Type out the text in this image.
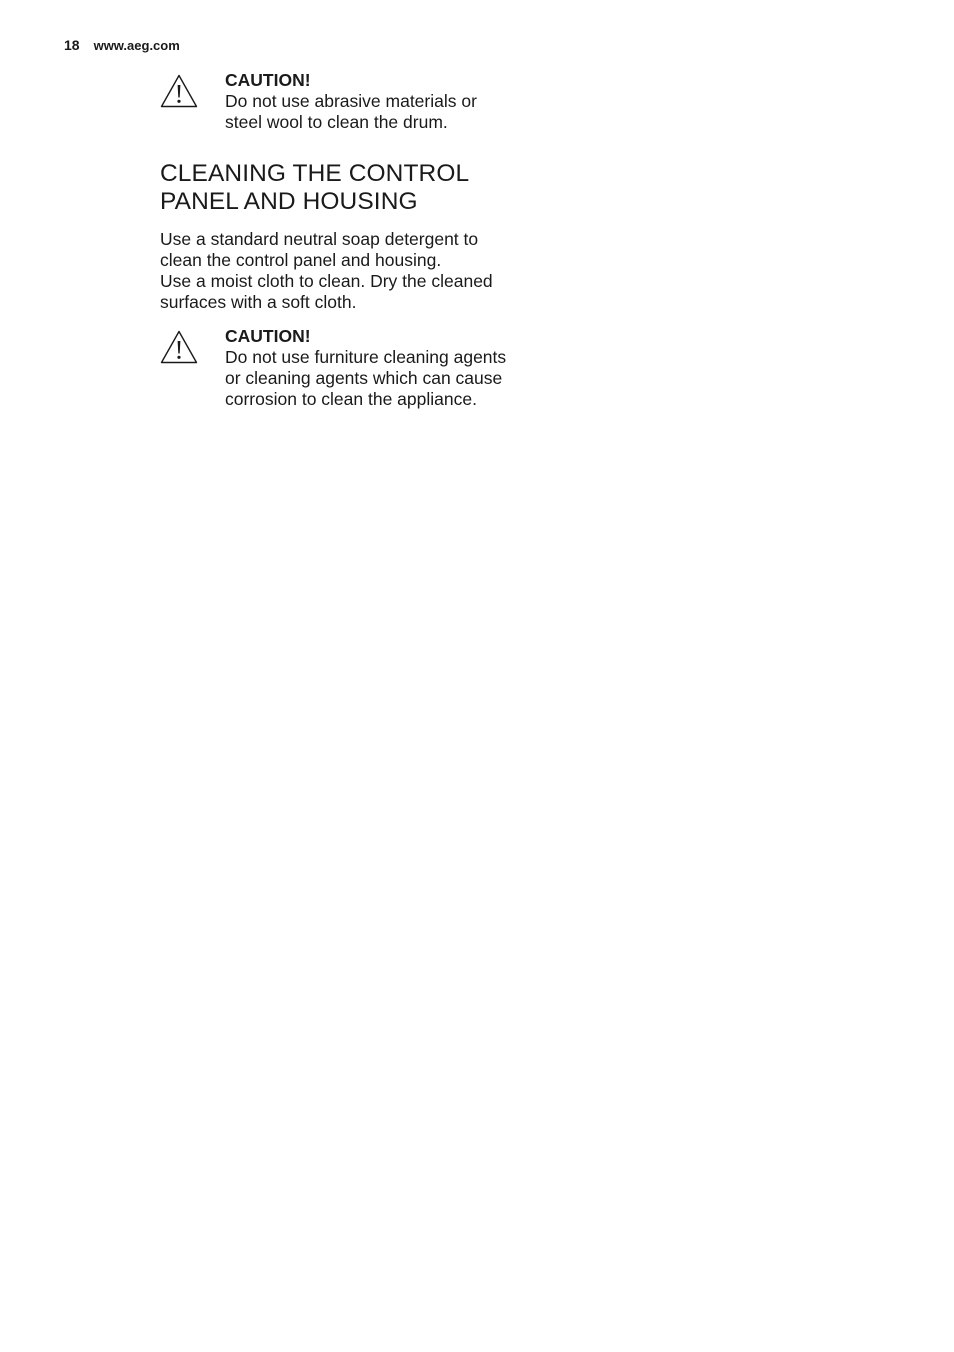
18 www.aeg.com
CAUTION!
Do not use abrasive materials or steel wool to clean the drum.
CLEANING THE CONTROL PANEL AND HOUSING
Use a standard neutral soap detergent to clean the control panel and housing.
Use a moist cloth to clean. Dry the cleaned surfaces with a soft cloth.
CAUTION!
Do not use furniture cleaning agents or cleaning agents which can cause corrosion to clean the appliance.
